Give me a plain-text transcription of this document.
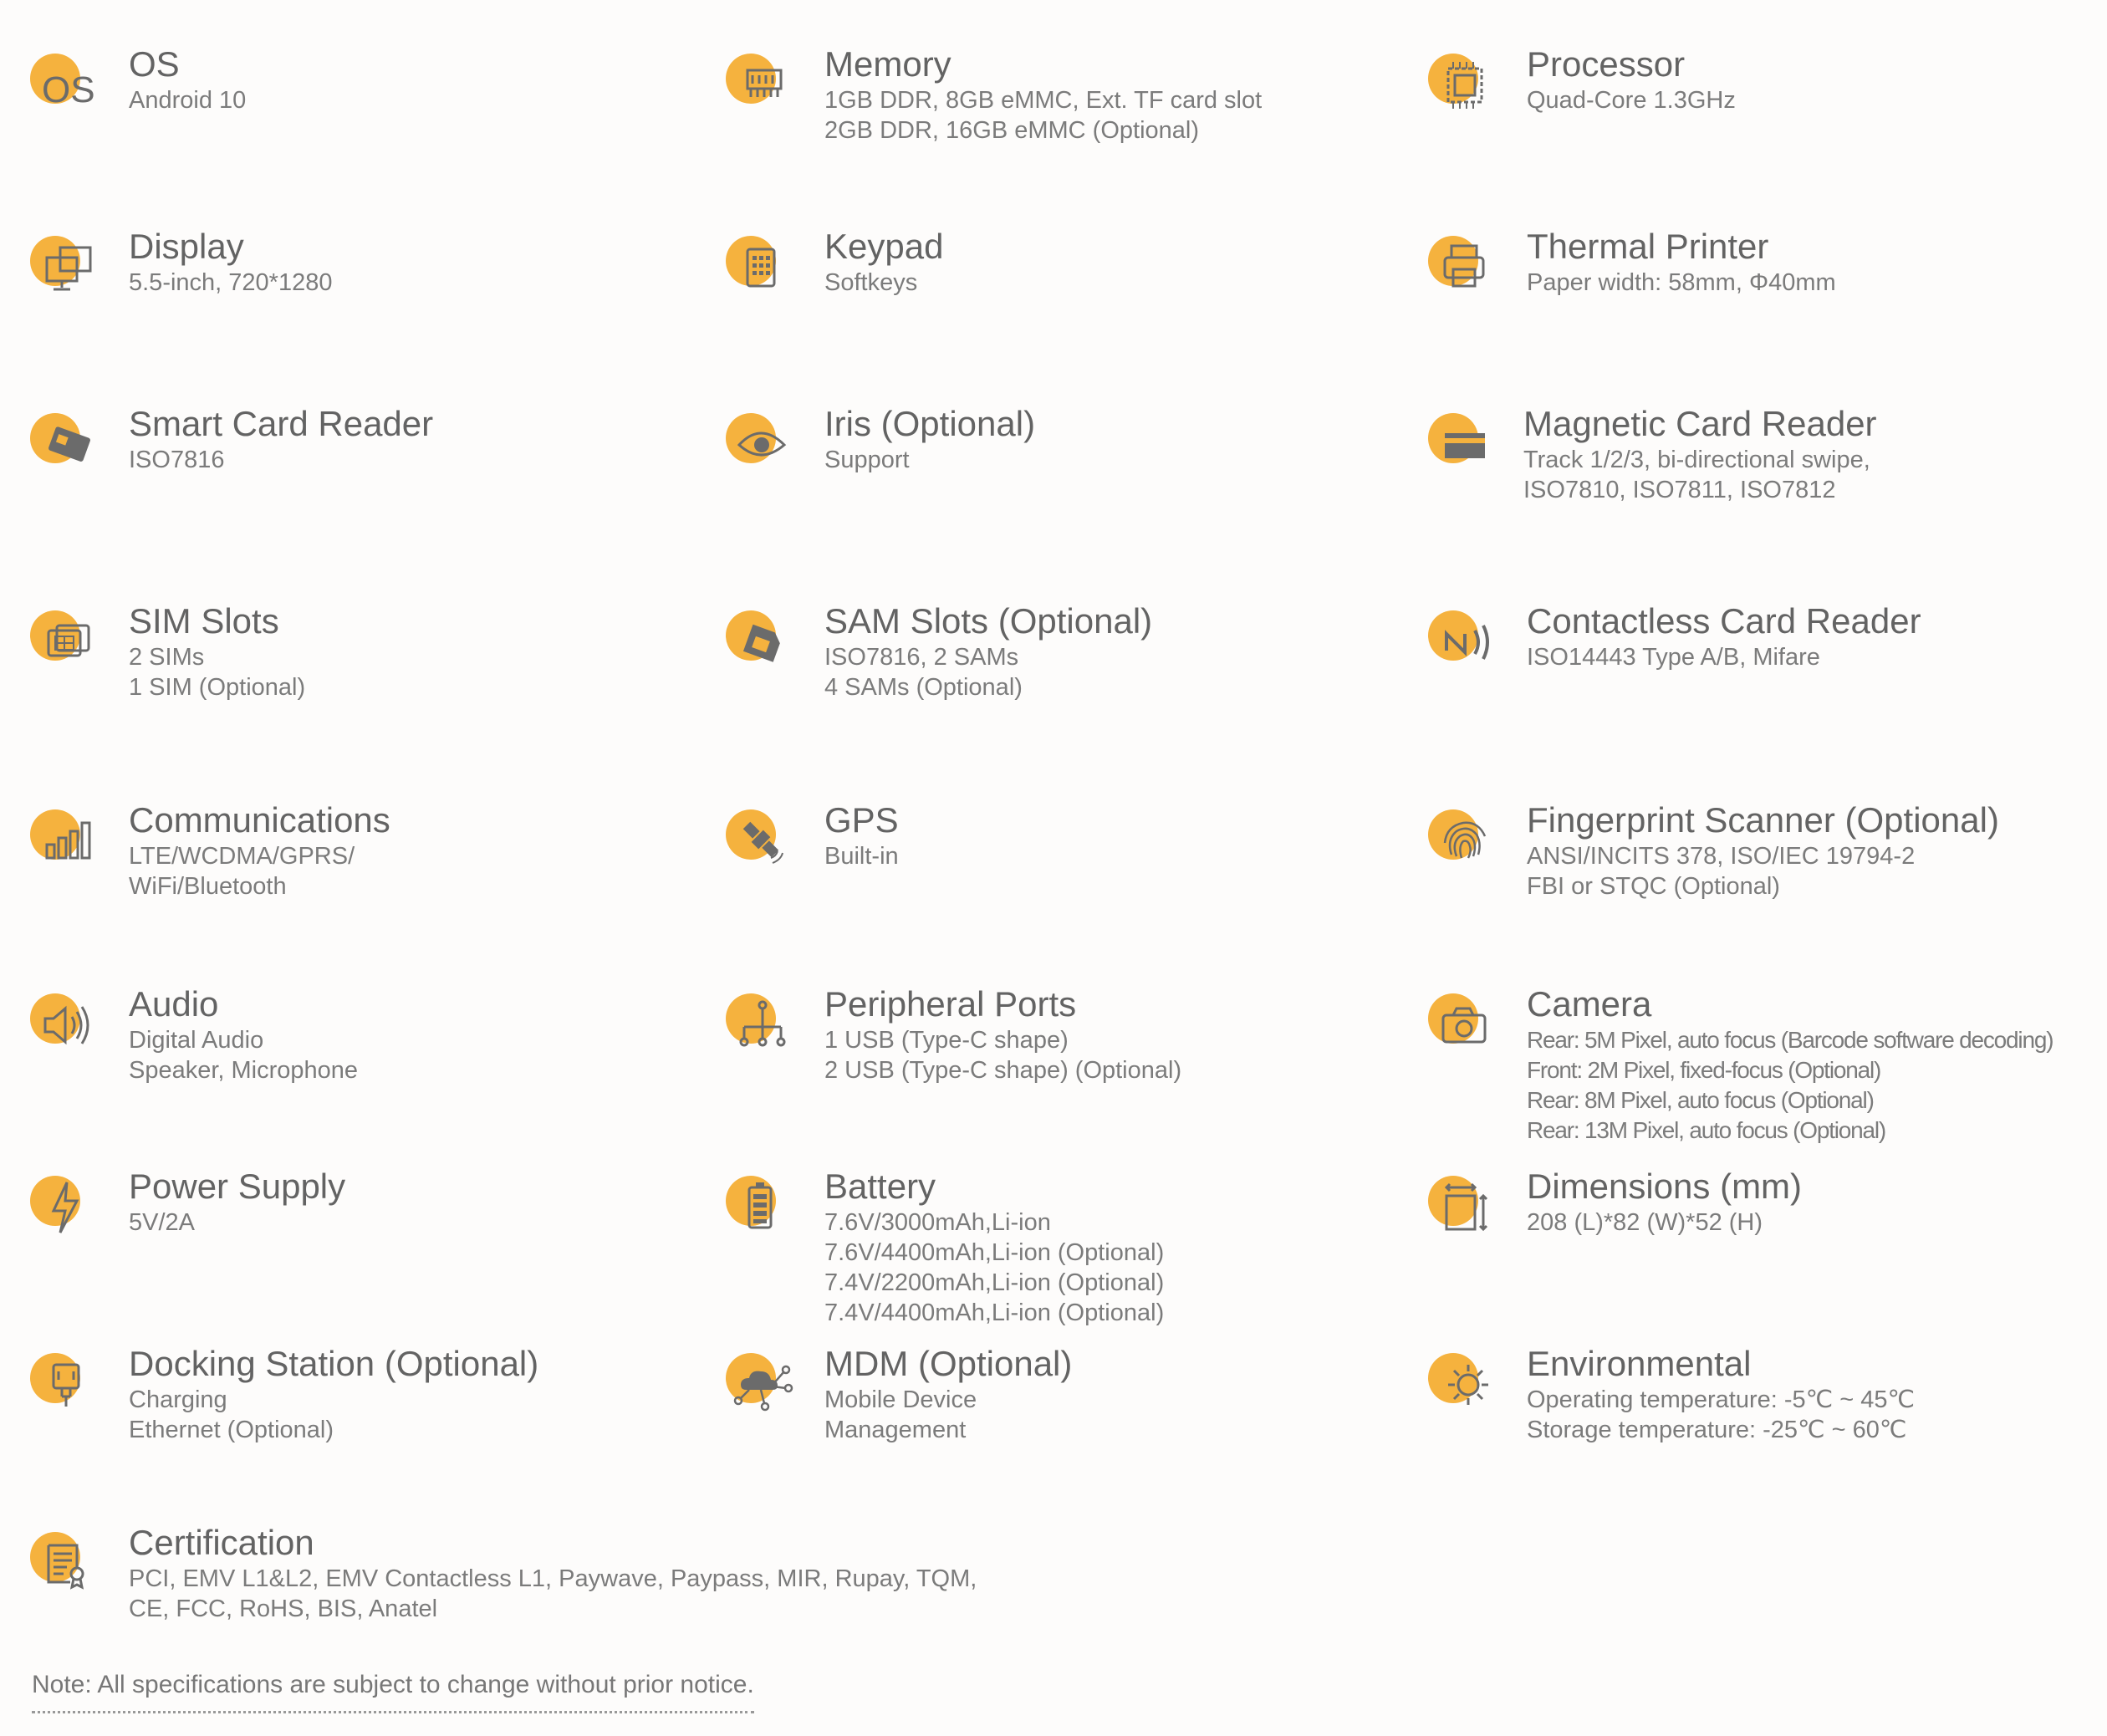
OS
OS
Android 10
Memory
1GB DDR, 8GB eMMC, Ext. TF card slot
2GB DDR, 16GB eMMC (Optional)
Processor
Quad-Core 1.3GHz
Display
5.5-inch, 720*1280
Keypad
Softkeys
Thermal Printer
Paper width: 58mm, Φ40mm
Smart Card Reader
ISO7816
Iris (Optional)
Support
Magnetic Card Reader
Track 1/2/3, bi-directional swipe,
ISO7810, ISO7811, ISO7812
SIM Slots
2 SIMs
1 SIM (Optional)
SAM Slots (Optional)
ISO7816, 2 SAMs
4 SAMs (Optional)
Contactless Card Reader
ISO14443 Type A/B, Mifare
Communications
LTE/WCDMA/GPRS/
WiFi/Bluetooth
GPS
Built-in
Fingerprint Scanner (Optional)
ANSI/INCITS 378, ISO/IEC 19794-2
FBI or STQC (Optional)
Audio
Digital Audio
Speaker, Microphone
Peripheral Ports
1 USB (Type-C shape)
2 USB (Type-C shape) (Optional)
Camera
Rear: 5M Pixel, auto focus (Barcode software decoding)
Front: 2M Pixel, fixed-focus (Optional)
Rear: 8M Pixel, auto focus (Optional)
Rear: 13M Pixel, auto focus (Optional)
Power Supply
5V/2A
Battery
7.6V/3000mAh,Li-ion
7.6V/4400mAh,Li-ion (Optional)
7.4V/2200mAh,Li-ion (Optional)
7.4V/4400mAh,Li-ion (Optional)
Dimensions (mm)
208 (L)*82 (W)*52 (H)
Docking Station (Optional)
Charging
Ethernet (Optional)
MDM (Optional)
Mobile Device
Management
Environmental
Operating temperature: -5℃ ~ 45℃
Storage temperature: -25℃ ~ 60℃
Certification
PCI, EMV L1&L2, EMV Contactless L1, Paywave, Paypass, MIR, Rupay, TQM,
CE, FCC, RoHS, BIS, Anatel
Note: All specifications are subject to change without prior notice.
